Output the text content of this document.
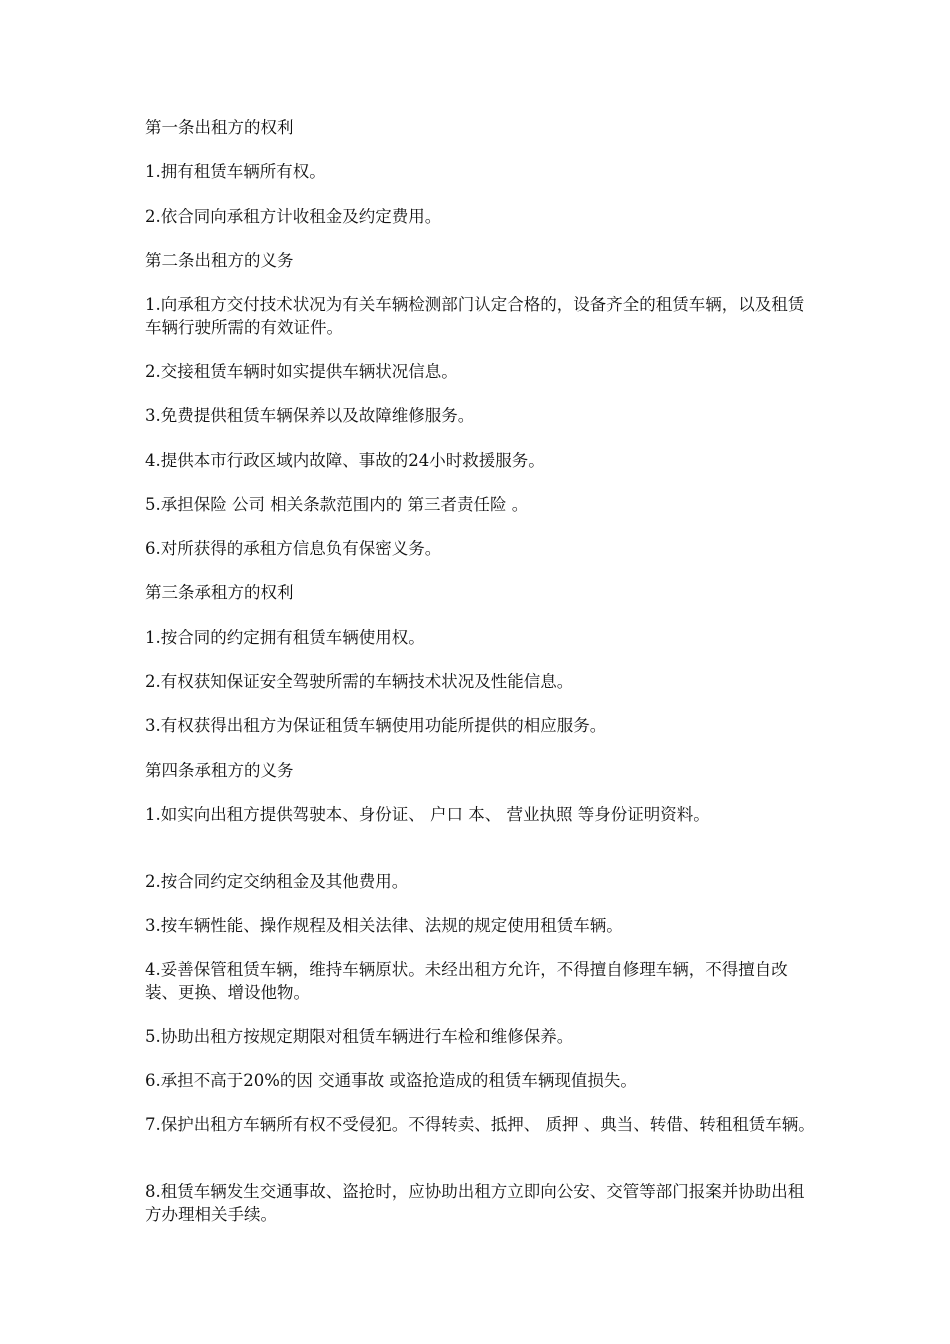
第一条出租方的权利

1.拥有租赁车辆所有权。

2.依合同向承租方计收租金及约定费用。

第二条出租方的义务

1.向承租方交付技术状况为有关车辆检测部门认定合格的，设备齐全的租赁车辆，以及租赁车辆行驶所需的有效证件。

2.交接租赁车辆时如实提供车辆状况信息。

3.免费提供租赁车辆保养以及故障维修服务。

4.提供本市行政区域内故障、事故的24小时救援服务。

5.承担保险 公司 相关条款范围内的 第三者责任险 。

6.对所获得的承租方信息负有保密义务。

第三条承租方的权利

1.按合同的约定拥有租赁车辆使用权。

2.有权获知保证安全驾驶所需的车辆技术状况及性能信息。

3.有权获得出租方为保证租赁车辆使用功能所提供的相应服务。

第四条承租方的义务

1.如实向出租方提供驾驶本、身份证、 户口 本、 营业执照 等身份证明资料。

2.按合同约定交纳租金及其他费用。

3.按车辆性能、操作规程及相关法律、法规的规定使用租赁车辆。

4.妥善保管租赁车辆，维持车辆原状。未经出租方允许，不得擅自修理车辆，不得擅自改装、更换、增设他物。

5.协助出租方按规定期限对租赁车辆进行车检和维修保养。

6.承担不高于20%的因 交通事故 或盗抢造成的租赁车辆现值损失。

7.保护出租方车辆所有权不受侵犯。不得转卖、抵押、 质押 、典当、转借、转租租赁车辆。

8.租赁车辆发生交通事故、盗抢时，应协助出租方立即向公安、交管等部门报案并协助出租方办理相关手续。
